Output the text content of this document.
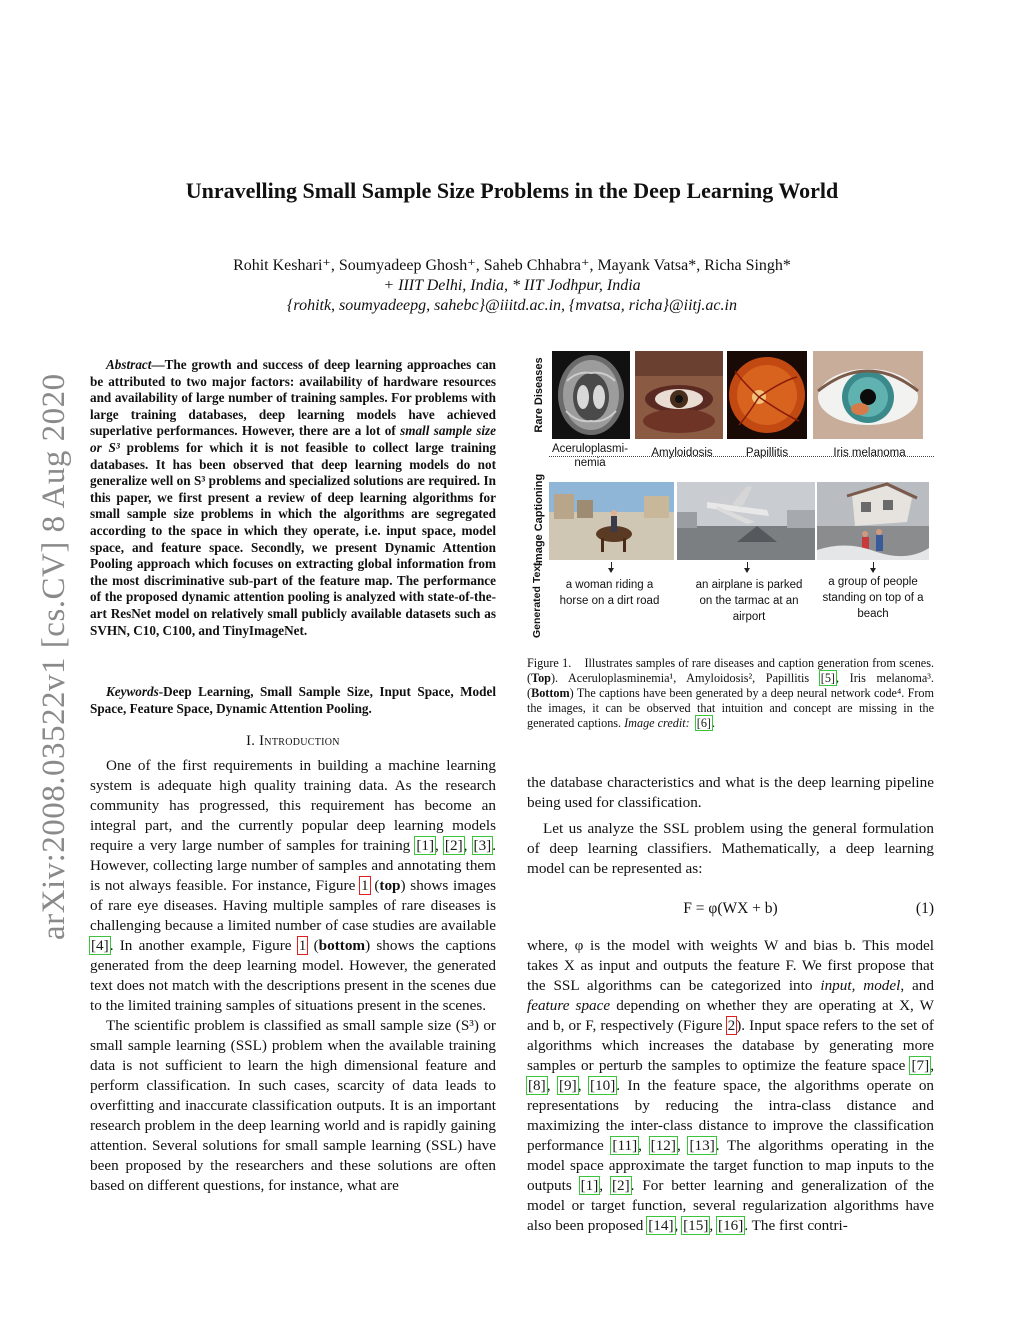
arXiv:2008.03522v1 [cs.CV] 8 Aug 2020
Unravelling Small Sample Size Problems in the Deep Learning World
Rohit Keshari⁺, Soumyadeep Ghosh⁺, Saheb Chhabra⁺, Mayank Vatsa*, Richa Singh*
+ IIIT Delhi, India, * IIT Jodhpur, India
{rohitk, soumyadeepg, sahebc}@iiitd.ac.in, {mvatsa, richa}@iitj.ac.in

Abstract—The growth and success of deep learning approaches can be attributed to two major factors: availability of hardware resources and availability of large number of training samples. For problems with large training databases, deep learning models have achieved superlative performances. However, there are a lot of small sample size or S³ problems for which it is not feasible to collect large training databases. It has been observed that deep learning models do not generalize well on S³ problems and specialized solutions are required. In this paper, we first present a review of deep learning algorithms for small sample size problems in which the algorithms are segregated according to the space in which they operate, i.e. input space, model space, and feature space. Secondly, we present Dynamic Attention Pooling approach which focuses on extracting global information from the most discriminative sub-part of the feature map. The performance of the proposed dynamic attention pooling is analyzed with state-of-the-art ResNet model on relatively small publicly available datasets such as SVHN, C10, C100, and TinyImageNet.

Keywords-Deep Learning, Small Sample Size, Input Space, Model Space, Feature Space, Dynamic Attention Pooling.

I. Introduction

One of the first requirements in building a machine learning system is adequate high quality training data. As the research community has progressed, this requirement has become an integral part, and the currently popular deep learning models require a very large number of samples for training [1], [2], [3]. However, collecting large number of samples and annotating them is not always feasible. For instance, Figure 1 (top) shows images of rare eye diseases. Having multiple samples of rare diseases is challenging because a limited number of case studies are available [4]. In another example, Figure 1 (bottom) shows the captions generated from the deep learning model. However, the generated text does not match with the descriptions present in the scenes due to the limited training samples of situations present in the scenes.

The scientific problem is classified as small sample size (S³) or small sample learning (SSL) problem when the available training data is not sufficient to learn the high dimensional feature and perform classification. In such cases, scarcity of data leads to overfitting and inaccurate classification outputs. It is an important research problem in the deep learning world and is rapidly gaining attention. Several solutions for small sample learning (SSL) have been proposed by the researchers and these solutions are often based on different questions, for instance, what are

Rare Diseases
Image Captioning
Generated Text
Aceruloplasmi-nemia
Amyloidosis	Papillitis	Iris melanoma
a woman riding a horse on a dirt road
an airplane is parked on the tarmac at an airport
a group of people standing on top of a beach
Figure 1. Illustrates samples of rare diseases and caption generation from scenes. (Top). Aceruloplasminemia¹, Amyloidosis², Papillitis [5], Iris melanoma³. (Bottom) The captions have been generated by a deep neural network code⁴. From the images, it can be observed that intuition and concept are missing in the generated captions. Image credit: [6].

the database characteristics and what is the deep learning pipeline being used for classification.

Let us analyze the SSL problem using the general formulation of deep learning classifiers. Mathematically, a deep learning model can be represented as:

F = φ(WX + b)	(1)

where, φ is the model with weights W and bias b. This model takes X as input and outputs the feature F. We first propose that the SSL algorithms can be categorized into input, model, and feature space depending on whether they are operating at X, W and b, or F, respectively (Figure 2). Input space refers to the set of algorithms which increases the database by generating more samples or perturb the samples to optimize the feature space [7], [8], [9], [10]. In the feature space, the algorithms operate on representations by reducing the intra-class distance and maximizing the inter-class distance to improve the classification performance [11], [12], [13]. The algorithms operating in the model space approximate the target function to map inputs to the outputs [1], [2]. For better learning and generalization of the model or target function, several regularization algorithms have also been proposed [14], [15], [16]. The first contri-
